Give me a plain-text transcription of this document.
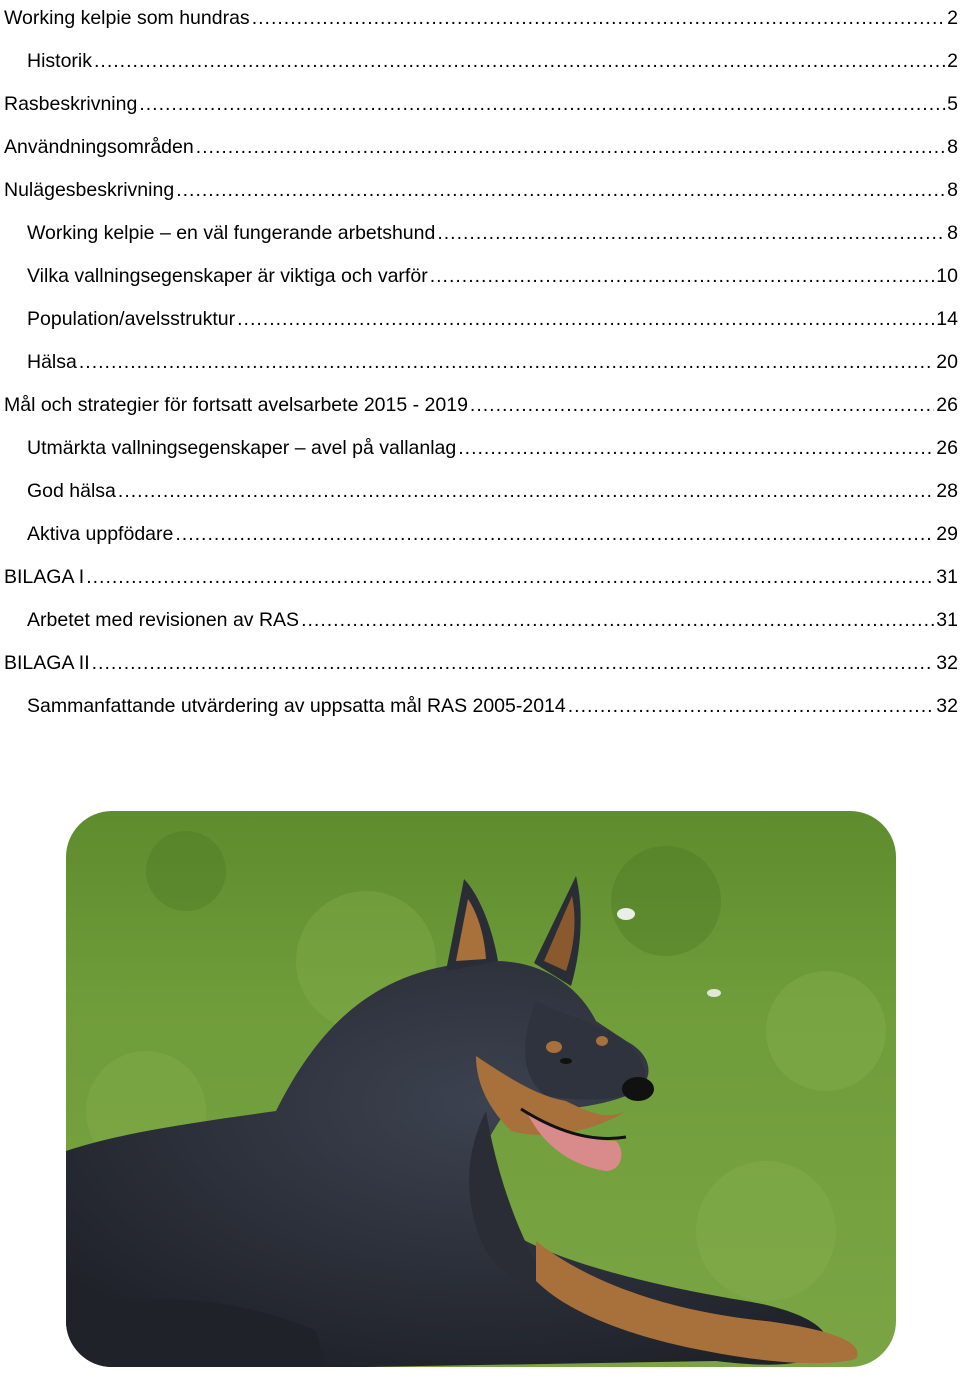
Working kelpie som hundras .....	2
Historik .....	2
Rasbeskrivning .....	5
Användningsområden .....	8
Nulägesbeskrivning .....	8
Working kelpie – en väl fungerande arbetshund .....	8
Vilka vallningsegenskaper är viktiga och varför .....	10
Population/avelsstruktur .....	14
Hälsa .....	20
Mål och strategier för fortsatt avelsarbete 2015 - 2019 .....	26
Utmärkta vallningsegenskaper – avel på vallanlag .....	26
God hälsa .....	28
Aktiva uppfödare .....	29
BILAGA I .....	31
Arbetet med revisionen av RAS .....	31
BILAGA II .....	32
Sammanfattande utvärdering av uppsatta mål RAS 2005-2014 .....	32
